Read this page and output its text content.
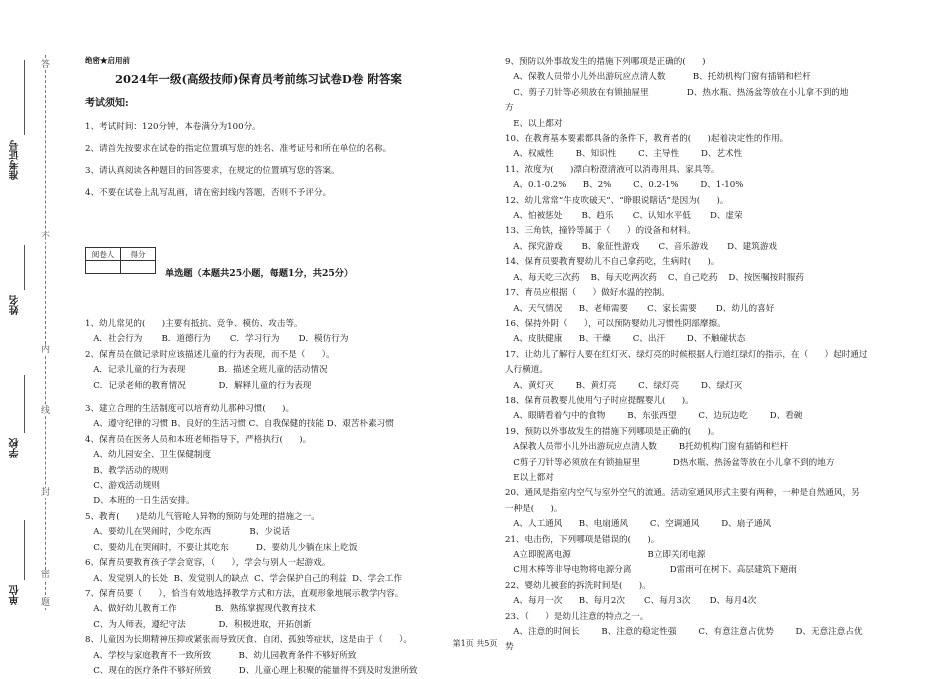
答
不
内
线
封
密
题
准考证号
姓名
学校
单位
绝密★启用前
2024年一级(高级技师)保育员考前练习试卷D卷 附答案
考试须知:
1、考试时间：120分钟，本卷满分为100分。
2、请首先按要求在试卷的指定位置填写您的姓名、准考证号和所在单位的名称。
3、请认真阅读各种题目的回答要求，在规定的位置填写您的答案。
4、不要在试卷上乱写乱画，请在密封线内答题，否则不予评分。
阅卷人	得分

单选题（本题共25小题，每题1分，共25分）
1、幼儿常见的(      )主要有抵抗、竞争、模仿、攻击等。
A．社会行为       B．道德行为       C．学习行为       D．模仿行为
2、保育员在做记录时应该描述儿童的行为表现，而不是（      ）。
A．记录儿童的行为表现            B．描述全班儿童的活动情况
C．记录老师的教育情况            D．解释儿童的行为表现
3、建立合理的生活制度可以培育幼儿那种习惯(      )。
A、遵守纪律的习惯 B、良好的生活习惯 C、自我保健的技能 D、艰苦朴素习惯
4、保育员在医务人员和本班老师指导下，严格执行(      )。
A、幼儿园安全、卫生保健制度
B、教学活动的规则
C、游戏活动规则
D、本班的一日生活安排。
5、教育(      )是幼儿气管呛人异物的预防与处理的措施之一。
A、要幼儿在哭闹时，少吃东西              B、少说话
C、要幼儿在哭闹时，不要让其吃东          D、要幼儿少躺在床上吃饭
6、保育员要教育孩子学会宽容，（      ），学会与别人一起游戏。
A、发觉别人的长处  B、发觉别人的缺点  C、学会保护自己的利益  D、学会工作
7、保育员要（      ），恰当有效地选择教学方式和方法，直观形象地展示教学内容。
A、做好幼儿教育工作              B．熟练掌握现代教育技术
C、为人师表，遵纪守法            D．积极进取，开拓创新
8、儿童因为长期精神压抑或紧张而导致厌食、自闭、孤独等症状，这是由于（      ）。
A、学校与家庭教育不一致所致          B、幼儿园教育条件不够好所致
C、现在的医疗条件不够好所致          D、儿童心理上积聚的能量得不到及时发泄所致
9、预防以外事故发生的措施下列哪项是正确的(      )
A、保教人员带小儿外出游玩应点清人数          B、托幼机构门窗有插销和栏杆
C、剪子刀针等必须放在有锁抽屉里              D、热水瓶、热汤盆等放在小儿拿不到的地
方
E、以上都对
10、在教育基本要素都具备的条件下，教育者的(      )起着决定性的作用。
A、权威性        B、知识性        C、主导性        D、艺术性
11、浓度为(      )漂白粉澄清液可以消毒用具、家具等。
A、0.1-0.2%      B、2%        C、0.2-1%        D、1-10%
12、幼儿常常“牛皮吹破天”、“睁眼说瞎话”是因为(      )。
A、怕被惩处       B、趋乐       C、认知水平低       D、虚荣
13、三角铁，撞铃等属于（      ）的设备和材料。
A、探究游戏       B、象征性游戏       C、音乐游戏       D、建筑游戏
14、保育员要教育婴幼儿不自己拿药吃，生病时(      )。
A、每天吃三次药    B、每天吃两次药    C、自己吃药    D、按医嘱按时服药
17、育员应根据（      ）做好水温的控制。
A、天气情况      B、老师需要       C、家长需要       D、幼儿的喜好
16、保持外阴（      ），可以预防婴幼儿习惯性阴部摩擦。
A、皮肤健康      B、干燥        C、出汗        D、不触碰状态
17、让幼儿了解行人要在红灯灭、绿灯亮的时候根据人行道红绿灯的指示，在（      ）起时通过
人行横道。
A、黄灯灭        B、黄灯亮        C、绿灯亮        D、绿灯灭
18、保育员教婴儿使用勺子时应提醒婴儿(      )。
A、眼睛看着勺中的食物        B、东张西望        C、边玩边吃        D、看碗
19、预防以外事故发生的措施下列哪项是正确的(      )。
A保教人员带小儿外出游玩应点清人数        B托幼机构门窗有插销和栏杆
C剪子刀针等必须放在有锁抽屉里            D热水瓶、热汤盆等放在小儿拿不到的地方
E以上都对
20、通风是指室内空气与室外空气的流通。活动室通风形式主要有两种，一种是自然通风，另
一种是(      )。
A、人工通风      B、电扇通风        C、空调通风        D、扇子通风
21、电击伤，下列哪项是错误的(      )。
A立即脱离电源                            B立即关闭电源
C用木棒等非导电物将电源分离              D雷雨可在树下、高层建筑下避雨
22、婴幼儿被套的拆洗时间是(      )。
A、每月一次      B、每月2次       C、每月3次       D、每月4次
23、（      ）是幼儿注意的特点之一。
A、注意的时间长        B、注意的稳定性强        C、有意注意占优势        D、无意注意占优
势
第1页 共5页
